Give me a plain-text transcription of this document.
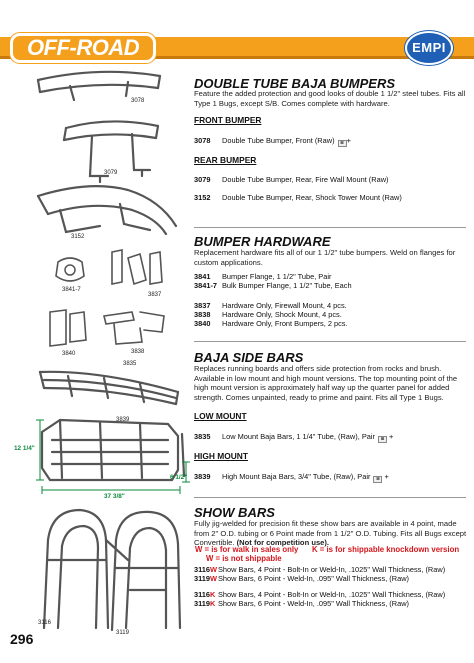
OFF-ROAD	EMPI
3078
3079
3152
3841-7
3837
3840	3838
3835
3839
3116
3119
12 1/4"
6 1/2"
37 3/8"
DOUBLE TUBE BAJA BUMPERS
Feature the added protection and good looks of double 1 1/2" steel tubes. Fits all Type 1 Bugs, except S/B. Comes complete with hardware.
FRONT BUMPER
3078 Double Tube Bumper, Front (Raw) ◙ +
REAR BUMPER
3079 Double Tube Bumper, Rear, Fire Wall Mount (Raw)
3152 Double Tube Bumper, Rear, Shock Tower Mount (Raw)
BUMPER HARDWARE
Replacement hardware fits all of our 1 1/2" tube bumpers. Weld on flanges for custom applications.
3841 Bumper Flange, 1 1/2" Tube, Pair
3841-7 Bulk Bumper Flange, 1 1/2" Tube, Each
3837 Hardware Only, Firewall Mount, 4 pcs.
3838 Hardware Only, Shock Mount, 4 pcs.
3840 Hardware Only, Front Bumpers, 2 pcs.
BAJA SIDE BARS
Replaces running boards and offers side protection from rocks and brush. Available in low mount and high mount versions. The top mounting point of the high mount version is approximately half way up the quarter panel for added strength. Comes unpainted, ready to prime and paint. Fits all Type 1 Bugs.
LOW MOUNT
3835 Low Mount Baja Bars, 1 1/4" Tube, (Raw), Pair ◙ +
HIGH MOUNT
3839 High Mount Baja Bars, 3/4" Tube, (Raw), Pair ◙ +
SHOW BARS
Fully jig-welded for precision fit these show bars are available in 4 point, made from 2" O.D. tubing or 6 Point made from 1 1/2" O.D. Tubing. Fits all Bugs except Convertible. (Not for competition use).
W = is for walk in sales only K = is for shippable knockdown version
W = is not shippable
3116WShow Bars, 4 Point - Bolt-In or Weld-In, .1025" Wall Thickness, (Raw)
3119WShow Bars, 6 Point - Weld-In, .095" Wall Thickness, (Raw)
3116K Show Bars, 4 Point - Bolt-In or Weld-In, .1025" Wall Thickness, (Raw)
3119K Show Bars, 6 Point - Weld-In, .095" Wall Thickness, (Raw)
296
